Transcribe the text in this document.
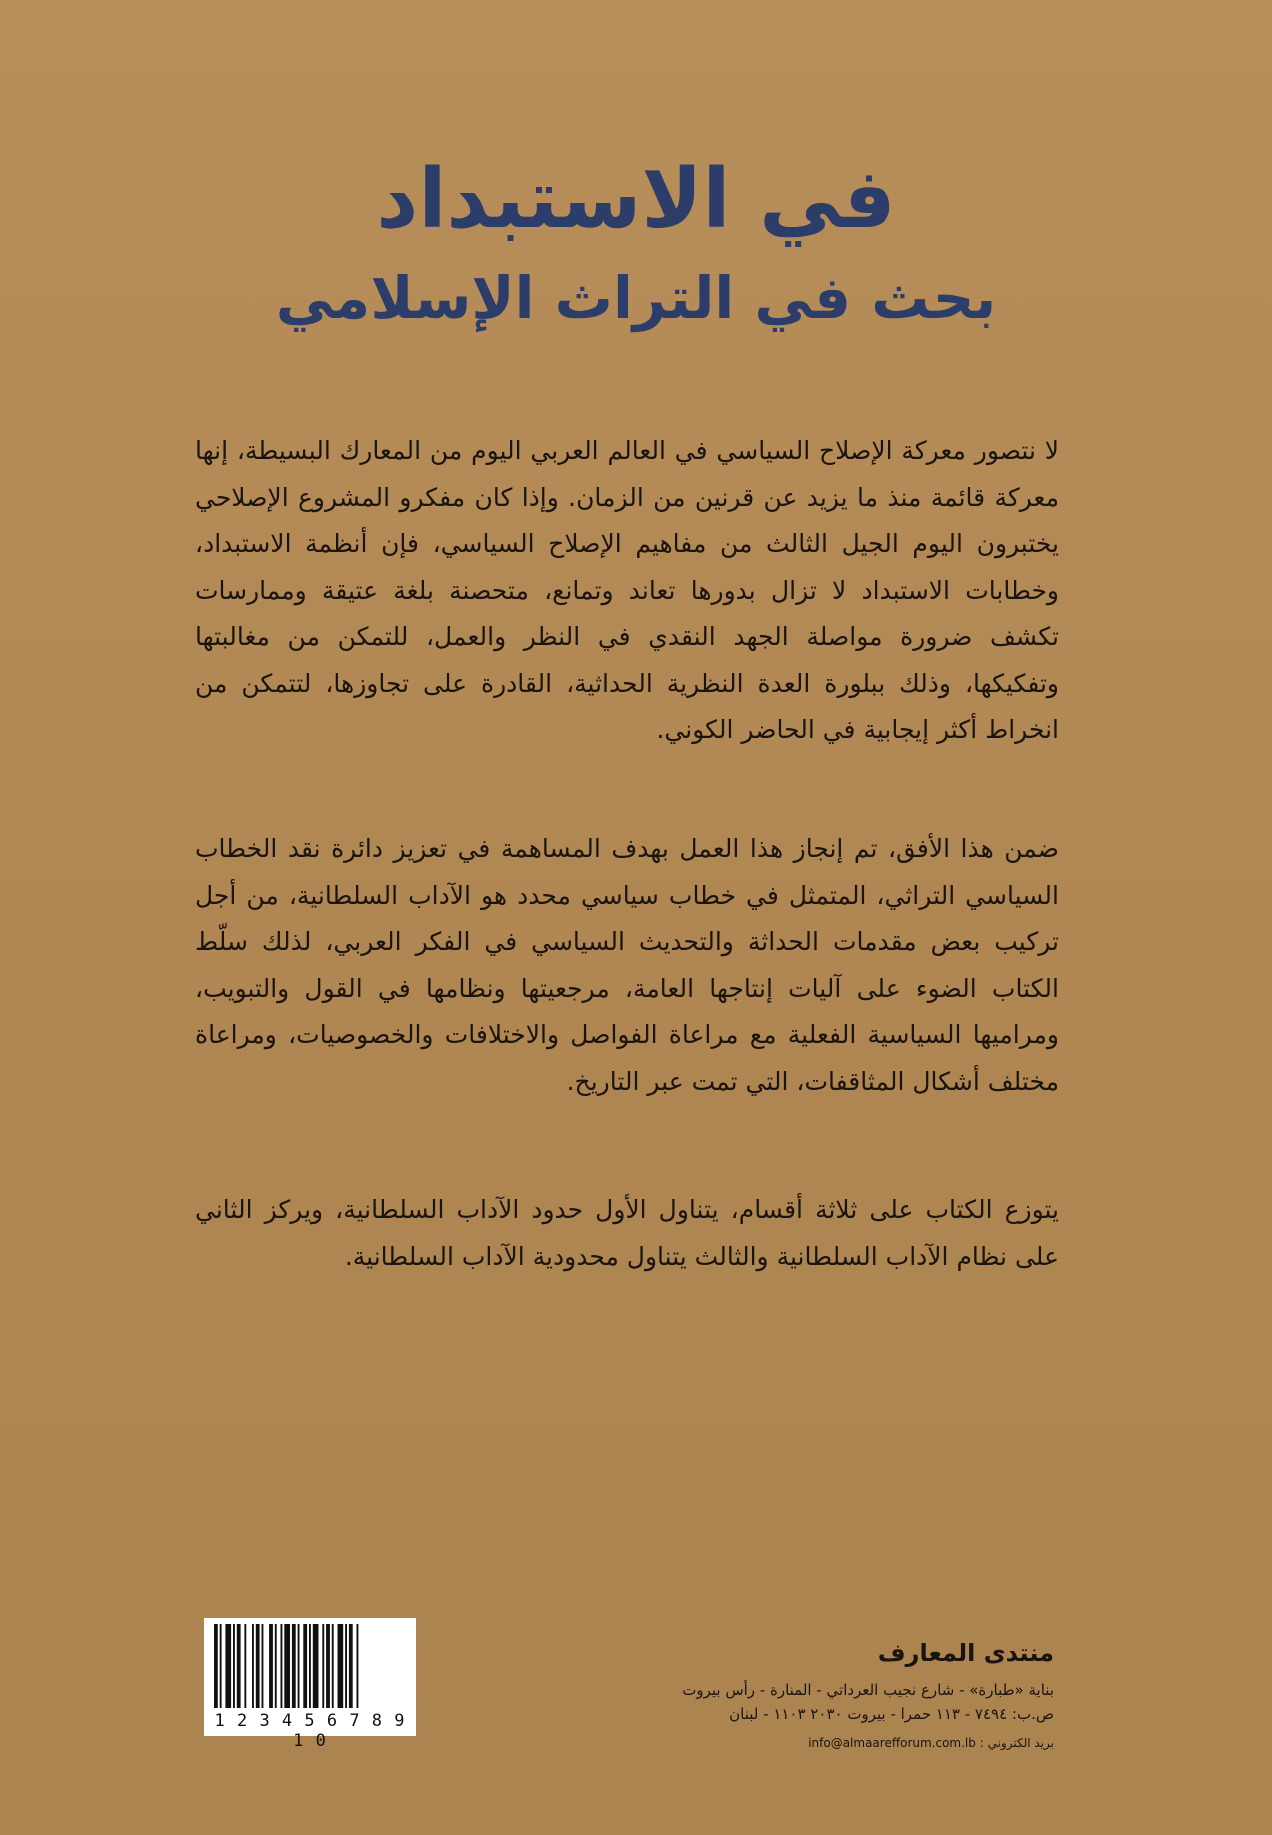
في الاستبداد
بحث في التراث الإسلامي

لا نتصور معركة الإصلاح السياسي في العالم العربي اليوم من المعارك البسيطة، إنها معركة قائمة منذ ما يزيد عن قرنين من الزمان. وإذا كان مفكرو المشروع الإصلاحي يختبرون اليوم الجيل الثالث من مفاهيم الإصلاح السياسي، فإن أنظمة الاستبداد، وخطابات الاستبداد لا تزال بدورها تعاند وتمانع، متحصنة بلغة عتيقة وممارسات تكشف ضرورة مواصلة الجهد النقدي في النظر والعمل، للتمكن من مغالبتها وتفكيكها، وذلك ببلورة العدة النظرية الحداثية، القادرة على تجاوزها، لتتمكن من انخراط أكثر إيجابية في الحاضر الكوني.

ضمن هذا الأفق، تم إنجاز هذا العمل بهدف المساهمة في تعزيز دائرة نقد الخطاب السياسي التراثي، المتمثل في خطاب سياسي محدد هو الآداب السلطانية، من أجل تركيب بعض مقدمات الحداثة والتحديث السياسي في الفكر العربي، لذلك سلّط الكتاب الضوء على آليات إنتاجها العامة، مرجعيتها ونظامها في القول والتبويب، ومراميها السياسية الفعلية مع مراعاة الفواصل والاختلافات والخصوصيات، ومراعاة مختلف أشكال المثاقفات، التي تمت عبر التاريخ.

يتوزع الكتاب على ثلاثة أقسام، يتناول الأول حدود الآداب السلطانية، ويركز الثاني على نظام الآداب السلطانية والثالث يتناول محدودية الآداب السلطانية.

1 2 3 4 5 6 7 8 9 1 0

منتدى المعارف

بناية «طبارة» - شارع نجيب العرداتي - المنارة - رأس بيروت

ص.ب: ٧٤٩٤ - ١١٣ حمرا - بيروت ٢٠٣٠ ١١٠٣ - لبنان

بريد الكتروني : info@almaarefforum.com.lb
